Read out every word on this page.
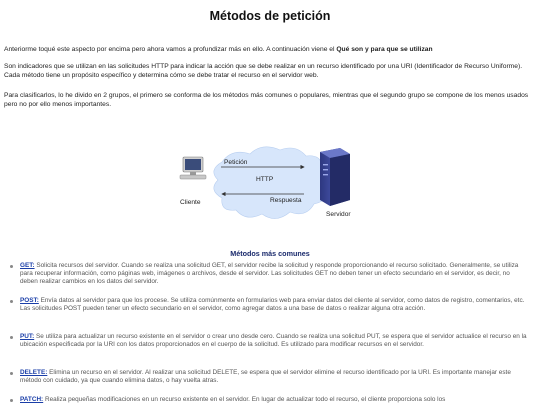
Métodos de petición

Anteriorme toqué este aspecto por encima pero ahora vamos a profundizar más en ello. A continuación viene el Qué son y para que se utilizan

Son indicadores que se utilizan en las solicitudes HTTP para indicar la acción que se debe realizar en un recurso identificado por una URI (Identificador de Recurso Uniforme). Cada método tiene un propósito específico y determina cómo se debe tratar el recurso en el servidor web.

Para clasificarlos, lo he divido en 2 grupos, el primero se conforma de los métodos más comunes o populares, mientras que el segundo grupo se compone de los menos usados pero no por ello menos importantes.

Cliente
Petición
HTTP
Respuesta
Servidor
Métodos más comunes
GET: Solicita recursos del servidor. Cuando se realiza una solicitud GET, el servidor recibe la solicitud y responde proporcionando el recurso solicitado. Generalmente, se utiliza para recuperar información, como páginas web, imágenes o archivos, desde el servidor. Las solicitudes GET no deben tener un efecto secundario en el servidor, es decir, no deben realizar cambios en los datos del servidor.
POST: Envía datos al servidor para que los procese. Se utiliza comúnmente en formularios web para enviar datos del cliente al servidor, como datos de registro, comentarios, etc. Las solicitudes POST pueden tener un efecto secundario en el servidor, como agregar datos a una base de datos o realizar alguna otra acción.
PUT: Se utiliza para actualizar un recurso existente en el servidor o crear uno desde cero. Cuando se realiza una solicitud PUT, se espera que el servidor actualice el recurso en la ubicación especificada por la URI con los datos proporcionados en el cuerpo de la solicitud. Es utilizado para modificar recursos en el servidor.
DELETE: Elimina un recurso en el servidor. Al realizar una solicitud DELETE, se espera que el servidor elimine el recurso identificado por la URI. Es importante manejar este método con cuidado, ya que cuando elimina datos, o hay vuelta atras.
PATCH: Realiza pequeñas modificaciones en un recurso existente en el servidor. En lugar de actualizar todo el recurso, el cliente proporciona solo los
